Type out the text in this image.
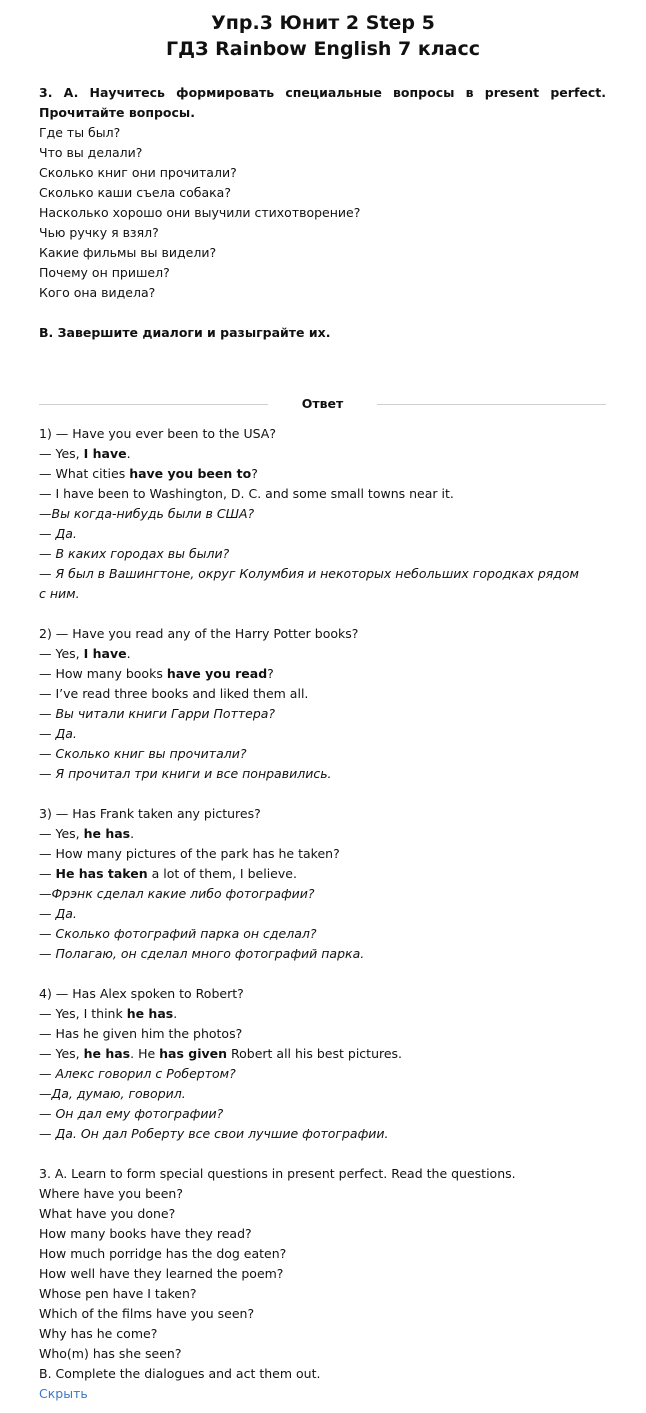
Упр.3 Юнит 2 Step 5
ГДЗ Rainbow English 7 класс
3. A. Научитесь формировать специальные вопросы в present perfect.
Прочитайте вопросы.
Где ты был?
Что вы делали?
Сколько книг они прочитали?
Сколько каши съела собака?
Насколько хорошо они выучили стихотворение?
Чью ручку я взял?
Какие фильмы вы видели?
Почему он пришел?
Кого она видела?
B. Завершите диалоги и разыграйте их.
1) — Have you ever been to the USA?
— Yes, I have.
— What cities have you been to?
— I have been to Washington, D. C. and some small towns near it.
—Вы когда-нибудь были в США?
— Да.
— В каких городах вы были?
— Я был в Вашингтоне, округ Колумбия и некоторых небольших городках рядом
с ним.
2) — Have you read any of the Harry Potter books?
— Yes, I have.
— How many books have you read?
— I’ve read three books and liked them all.
— Вы читали книги Гарри Поттера?
— Да.
— Сколько книг вы прочитали?
— Я прочитал три книги и все понравились.
3) — Has Frank taken any pictures?
— Yes, he has.
— How many pictures of the park has he taken?
— He has taken a lot of them, I believe.
—Фрэнк сделал какие либо фотографии?
— Да.
— Сколько фотографий парка он сделал?
— Полагаю, он сделал много фотографий парка.
4) — Has Alex spoken to Robert?
— Yes, I think he has.
— Has he given him the photos?
— Yes, he has. He has given Robert all his best pictures.
— Алекс говорил с Робертом?
—Да, думаю, говорил.
— Он дал ему фотографии?
— Да. Он дал Роберту все свои лучшие фотографии.
3. A. Learn to form special questions in present perfect. Read the questions.
Where have you been?
What have you done?
How many books have they read?
How much porridge has the dog eaten?
How well have they learned the poem?
Whose pen have I taken?
Which of the films have you seen?
Why has he come?
Who(m) has she seen?
B. Complete the dialogues and act them out.
Ответ
Скрыть
